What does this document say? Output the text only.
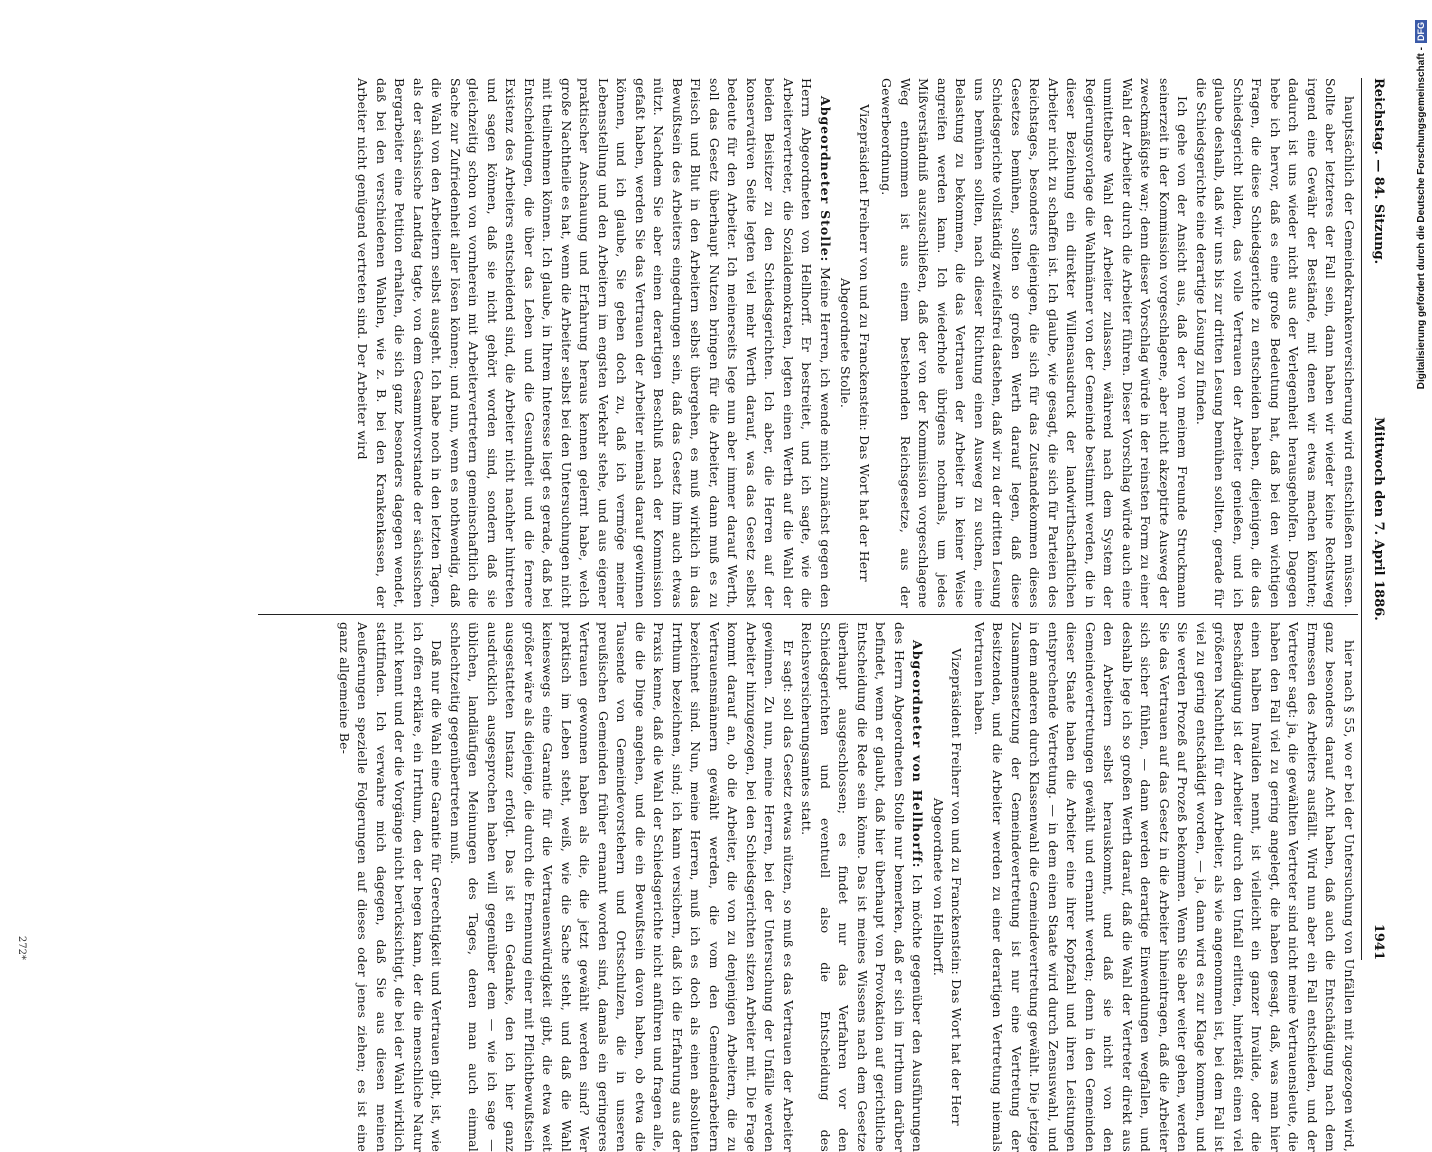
Reichstag. — 84. Sitzung.
Mittwoch den 7. April 1886.
1941

hauptsächlich der Gemeindekrankenversicherung wird entschließen müssen. Sollte aber letzteres der Fall sein, dann haben wir wieder keine Rechtsweg irgend eine Gewähr der Bestände, mit denen wir etwas machen könnten; dadurch ist uns wieder nicht aus der Verlegenheit herausgeholfen. Dagegen hebe ich hervor, daß es eine große Bedeutung hat, daß bei den wichtigen Fragen, die diese Schiedsgerichte zu entscheiden haben, diejenigen, die das Schiedsgericht bilden, das volle Vertrauen der Arbeiter genießen, und ich glaube deshalb, daß wir uns bis zur dritten Lesung bemühen sollten, gerade für die Schiedsgerichte eine derartige Lösung zu finden.

Ich gehe von der Ansicht aus, daß der von meinem Freunde Struckmann seinerzeit in der Kommission vorgeschlagene, aber nicht akzeptirte Ausweg der zweckmäßigste war; denn dieser Vorschlag würde in der reinsten Form zu einer Wahl der Arbeiter durch die Arbeiter führen. Dieser Vorschlag würde auch eine unmittelbare Wahl der Arbeiter zulassen, während nach dem System der Regierungsvorlage die Wahlmänner von der Gemeinde bestimmt werden, die in dieser Beziehung ein direkter Willensausdruck der landwirthschaftlichen Arbeiter nicht zu schaffen ist. Ich glaube, wie gesagt, die sich für Parteien des Reichstages, besonders diejenigen, die sich für das Zustandekommen dieses Gesetzes bemühen, sollten so großen Werth darauf legen, daß diese Schiedsgerichte vollständig zweifelsfrei dastehen, daß wir zu der dritten Lesung uns bemühen sollten, nach dieser Richtung einen Ausweg zu suchen, eine Belastung zu bekommen, die das Vertrauen der Arbeiter in keiner Weise angreifen werden kann. Ich wiederhole übrigens nochmals, um jedes Mißverständniß auszuschließen, daß der von der Kommission vorgeschlagene Weg entnommen ist aus einem bestehenden Reichsgesetze, aus der Gewerbeordnung.

Vizepräsident Freiherr von und zu Franckenstein: Das Wort hat der Herr Abgeordnete Stolle.

Abgeordneter Stolle: Meine Herren, ich wende mich zunächst gegen den Herrn Abgeordneten von Hellhorff. Er bestreitet, und ich sagte, wie die Arbeitervertreter, die Sozialdemokraten, legten einen Werth auf die Wahl der beiden Beisitzer zu den Schiedsgerichten. Ich aber, die Herren auf der konservativen Seite legten viel mehr Werth darauf, was das Gesetz selbst bedeute für den Arbeiter. Ich meinerseits lege nun aber immer darauf Werth, soll das Gesetz überhaupt Nutzen bringen für die Arbeiter, dann muß es zu Fleisch und Blut in den Arbeitern selbst übergehen, es muß wirklich in das Bewußtsein des Arbeiters eingedrungen sein, daß das Gesetz ihm auch etwas nützt. Nachdem Sie aber einen derartigen Beschluß nach der Kommission gefaßt haben, werden Sie das Vertrauen der Arbeiter niemals darauf gewinnen können, und ich glaube, Sie geben doch zu, daß ich vermöge meiner Lebensstellung und den Arbeitern im engsten Verkehr stehe, und aus eigener praktischer Anschauung und Erfahrung heraus kennen gelernt habe, welch große Nachtheile es hat, wenn die Arbeiter selbst bei den Untersuchungen nicht mit theilnehmen können. Ich glaube, in Ihrem Interesse liegt es gerade, daß bei Entscheidungen, die über das Leben und die Gesundheit und die fernere Existenz des Arbeiters entscheidend sind, die Arbeiter nicht nachher hintreten und sagen können, daß sie nicht gehört worden sind, sondern daß sie gleichzeitig schon von vornherein mit Arbeitervertretern gemeinschaftlich die Sache zur Zufriedenheit aller lösen können; und nun, wenn es nothwendig, daß die Wahl von den Arbeitern selbst ausgeht. Ich habe noch in den letzten Tagen, als der sächsische Landtag tagte, von dem Gesammtvorstande der sächsischen Bergarbeiter eine Petition erhalten, die sich ganz besonders dagegen wendet, daß bei den verschiedenen Wahlen, wie z. B. bei den Krankenkassen, der Arbeiter nicht genügend vertreten sind. Der Arbeiter wird

hier nach § 55, wo er bei der Untersuchung von Unfällen mit zugezogen wird, ganz besonders darauf Acht haben, daß auch die Entschädigung nach dem Ermessen des Arbeiters ausfällt. Wird nun aber ein Fall entschieden, und der Vertreter sagt: ja, die gewählten Vertreter sind nicht meine Vertrauensleute, die haben den Fall viel zu gering angelegt, die haben gesagt, daß, was man hier einen halben Invaliden nennt, ist vielleicht ein ganzer Invalide, oder die Beschädigung ist der Arbeiter durch den Unfall erlitten, hinterläßt einen viel größeren Nachtheil für den Arbeiter, als wie angenommen ist, bei dem Fall ist viel zu gering entschädigt worden, — ja, dann wird es zur Klage kommen, und Sie werden Prozeß auf Prozeß bekommen. Wenn Sie aber weiter gehen, werden Sie das Vertrauen auf das Gesetz in die Arbeiter hineintragen, daß die Arbeiter sich sicher fühlen, — dann werden derartige Einwendungen wegfallen, und deshalb lege ich so großen Werth darauf, daß die Wahl der Vertreter direkt aus den Arbeitern selbst herauskommt, und daß sie nicht von den Gemeindevertretungen gewählt und ernannt werden; denn in den Gemeinden dieser Staate haben die Arbeiter eine ihrer Kopfzahl und ihren Leistungen entsprechende Vertretung. — in dem einen Staate wird durch Zensuswahl, und in dem anderen durch Klassenwahl die Gemeindevertretung gewählt. Die jetzige Zusammensetzung der Gemeindevertretung ist nur eine Vertretung der Besitzenden, und die Arbeiter werden zu einer derartigen Vertretung niemals Vertrauen haben.

Vizepräsident Freiherr von und zu Franckenstein: Das Wort hat der Herr Abgeordnete von Hellhorff.

Abgeordneter von Hellhorff: Ich möchte gegenüber den Ausführungen des Herrn Abgeordneten Stolle nur bemerken, daß er sich im Irrthum darüber befindet, wenn er glaubt, daß hier überhaupt von Provokation auf gerichtliche Entscheidung die Rede sein könne. Das ist meines Wissens nach dem Gesetze überhaupt ausgeschlossen; es findet nur das Verfahren vor den Schiedsgerichten und eventuell also die Entscheidung des Reichsversicherungsamtes statt.

Er sagt: soll das Gesetz etwas nützen, so muß es das Vertrauen der Arbeiter gewinnen. Zu nun, meine Herren, bei der Untersuchung der Unfälle werden Arbeiter hinzugezogen, bei den Schiedsgerichten sitzen Arbeiter mit. Die Frage kommt darauf an, ob die Arbeiter, die von zu denjenigen Arbeitern, die zu Vertrauensmännern gewählt werden, die vom den Gemeindearbeitern bezeichnet sind. Nun, meine Herren, muß ich es doch als einen absoluten Irrthum bezeichnen, sind; ich kann versichern, daß ich die Erfahrung aus der Praxis kenne, daß die Wahl der Schiedsgerichte nicht anführen und fragen alle, die die Dinge angehen, und die ein Bewußtsein davon haben, ob etwa die Tausende von Gemeindevorstehern und Ortsschulzen, die in unseren preußischen Gemeinden früher ernannt worden sind, damals ein geringeres Vertrauen gewonnen haben als die, die jetzt gewählt werden sind? Wer praktisch im Leben steht, weiß, wie die Sache steht, und daß die Wahl keineswegs eine Garantie für die Vertrauenswürdigkeit gibt, die etwa weit größer wäre als diejenige, die durch die Ernennung einer mit Pflichtbewußtsein ausgestatteten Instanz erfolgt. Das ist ein Gedanke, den ich hier ganz ausdrücklich ausgesprochen haben will gegenüber dem — wie ich sage — üblichen, landläufigen Meinungen des Tages, denen man auch einmal schlechtzeitig gegenübertreten muß.

Daß nur die Wahl eine Garantie für Gerechtigkeit und Vertrauen gibt, ist, wie ich offen erkläre, ein Irrthum, den der hegen kann, der die menschliche Natur nicht kennt und der die Vorgänge nicht berücksichtigt, die bei der Wahl wirklich stattfinden. Ich verwahre mich dagegen, daß Sie aus diesen meinen Aeußerungen spezielle Folgerungen auf dieses oder jenes ziehen; es ist eine ganz allgemeine Be-

272*
Digitalisierung gefördert durch die Deutsche Forschungsgemeinschaft -
DFG
